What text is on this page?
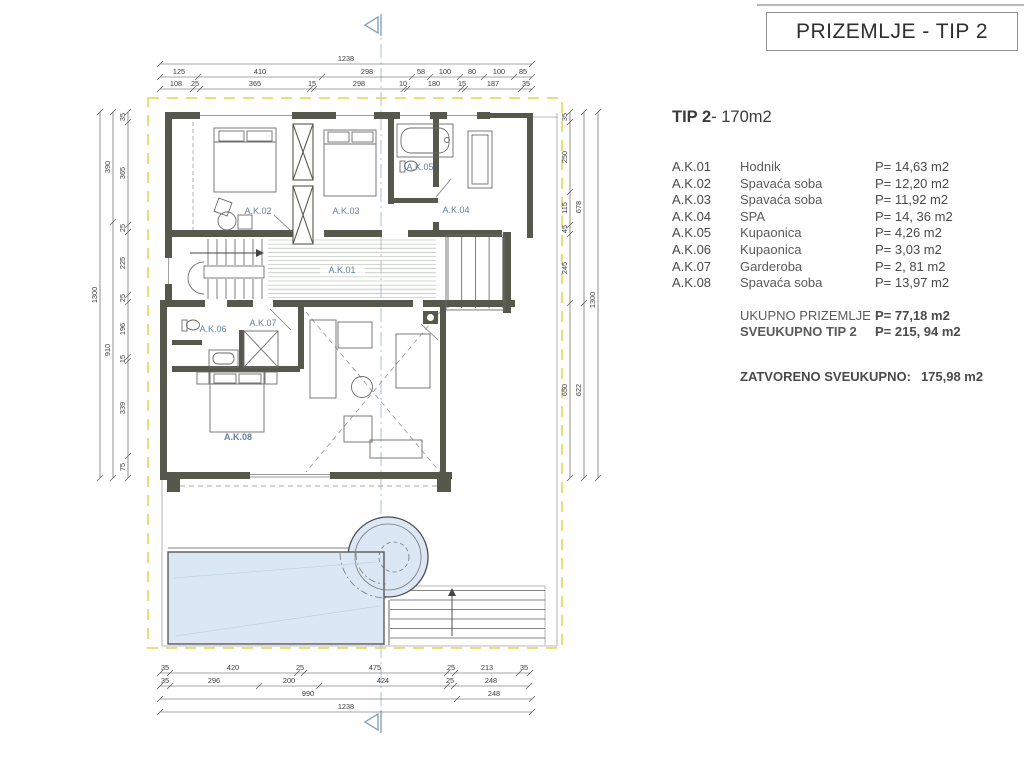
A.K.01
A.K.02	A.K.03	A.K.04
A.K.05
A.K.06
A.K.07
A.K.08
1238
125	410	298	58 100 80 100 85
108 25	365	15	298	10	180 15	187	35
35	420	25	475	25	213	35
35	296	200	424	25	248
990	248
1238
1300
390
910
35
365
25
225
25
196
15
339
75
35
250
115
45
245
650
678
622
1300
PRIZEMLJE - TIP 2
TIP 2- 170m2
A.K.01	Hodnik	P= 14,63 m2
A.K.02	Spavaća soba	P= 12,20 m2
A.K.03	Spavaća soba	P= 11,92 m2
A.K.04	SPA	P= 14, 36 m2
A.K.05	Kupaonica	P= 4,26 m2
A.K.06	Kupaonica	P= 3,03 m2
A.K.07	Garderoba	P= 2, 81 m2
A.K.08	Spavaća soba	P= 13,97 m2
UKUPNO PRIZEMLJE P= 77,18 m2
SVEUKUPNO TIP 2	P= 215, 94 m2
ZATVORENO SVEUKUPNO: 175,98 m2
